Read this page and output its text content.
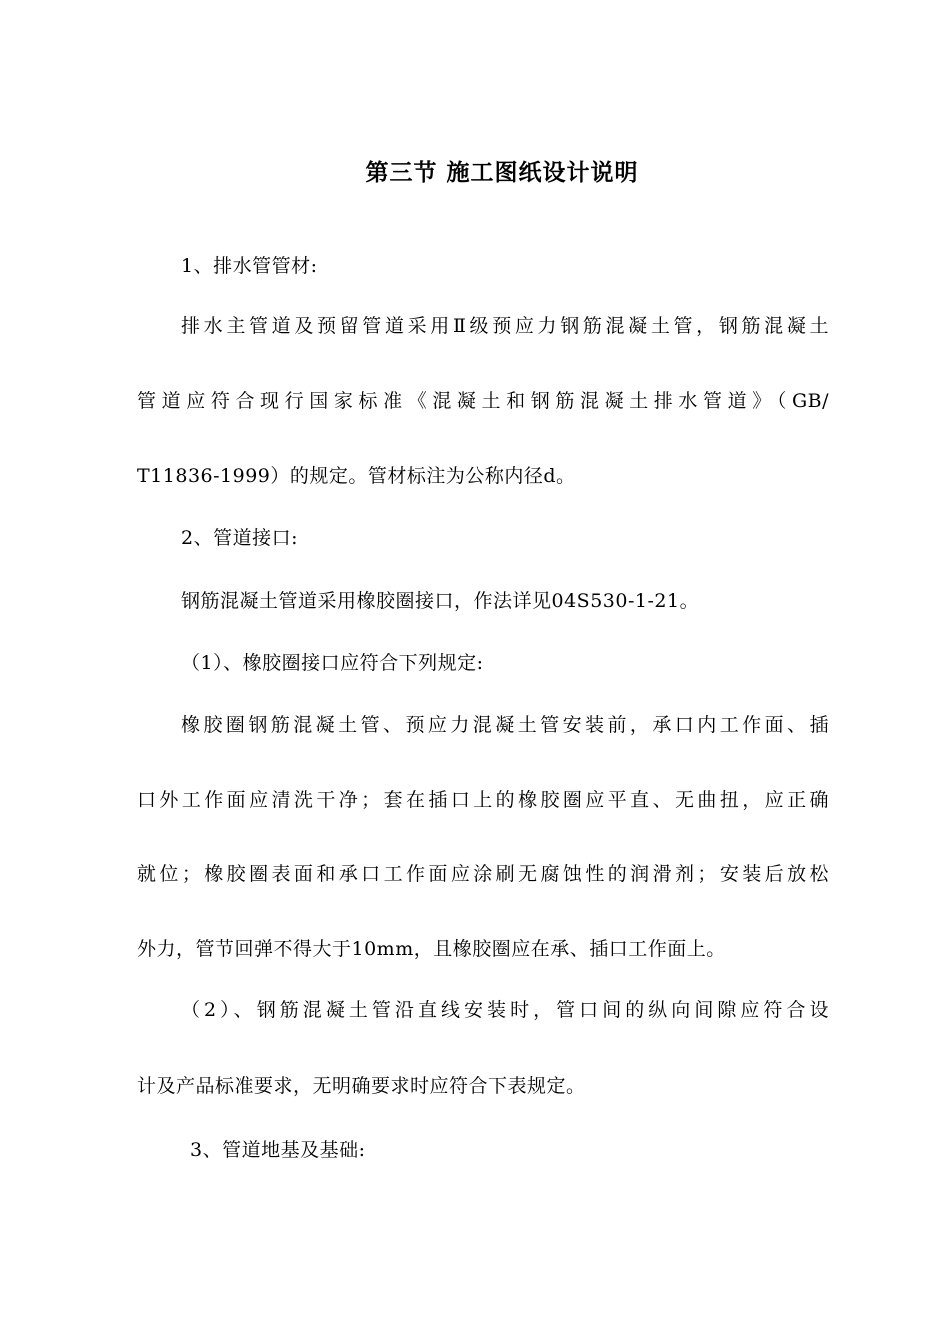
第三节 施工图纸设计说明

1、排水管管材:

排水主管道及预留管道采用Ⅱ级预应力钢筋混凝土管，钢筋混凝土

管道应符合现行国家标准《混凝土和钢筋混凝土排水管道》（GB/

T11836-1999）的规定。管材标注为公称内径d。

2、管道接口:

钢筋混凝土管道采用橡胶圈接口，作法详见04S530-1-21。

（1）、橡胶圈接口应符合下列规定:

橡胶圈钢筋混凝土管、预应力混凝土管安装前，承口内工作面、插

口外工作面应清洗干净；套在插口上的橡胶圈应平直、无曲扭，应正确

就位；橡胶圈表面和承口工作面应涂刷无腐蚀性的润滑剂；安装后放松

外力，管节回弹不得大于10mm，且橡胶圈应在承、插口工作面上。

（2）、钢筋混凝土管沿直线安装时，管口间的纵向间隙应符合设

计及产品标准要求，无明确要求时应符合下表规定。

3、管道地基及基础:
